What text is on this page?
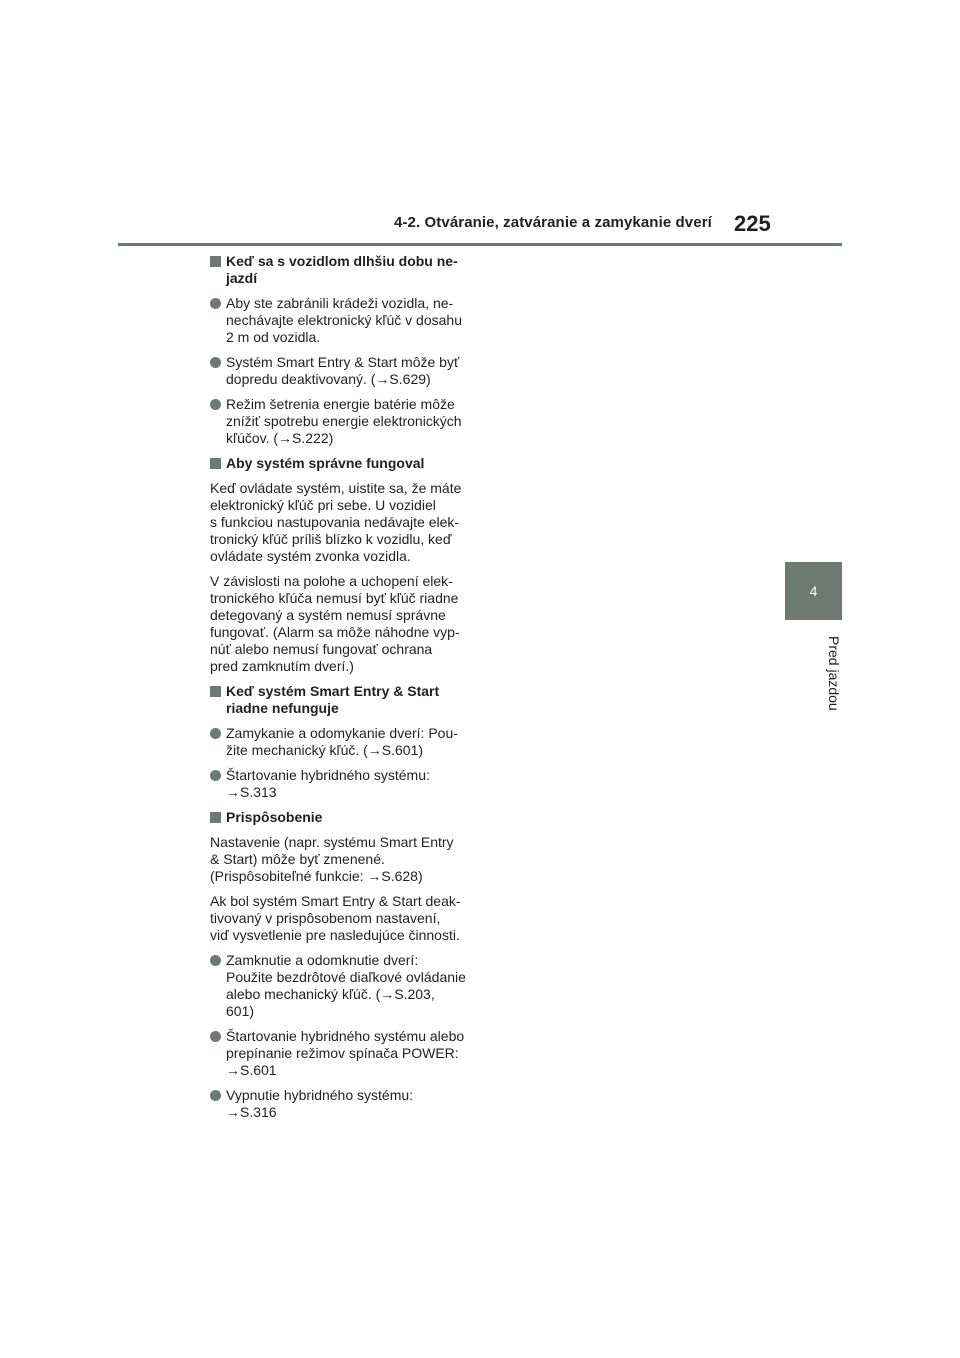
4-2. Otváranie, zatváranie a zamykanie dverí 225
4
Pred jazdou
Keď sa s vozidlom dlhšiu dobu ne-
jazdí
Aby ste zabránili krádeži vozidla, ne-
nechávajte elektronický kľúč v dosahu
2 m od vozidla.
Systém Smart Entry & Start môže byť
dopredu deaktivovaný. (→S.629)
Režim šetrenia energie batérie môže
znížiť spotrebu energie elektronických
kľúčov. (→S.222)
Aby systém správne fungoval
Keď ovládate systém, uistite sa, že máte
elektronický kľúč pri sebe. U vozidiel
s funkciou nastupovania nedávajte elek-
tronický kľúč príliš blízko k vozidlu, keď
ovládate systém zvonka vozidla.
V závislosti na polohe a uchopení elek-
tronického kľúča nemusí byť kľúč riadne
detegovaný a systém nemusí správne
fungovať. (Alarm sa môže náhodne vyp-
núť alebo nemusí fungovať ochrana
pred zamknutím dverí.)
Keď systém Smart Entry & Start
riadne nefunguje
Zamykanie a odomykanie dverí: Pou-
žite mechanický kľúč. (→S.601)
Štartovanie hybridného systému:
→S.313
Prispôsobenie
Nastavenie (napr. systému Smart Entry
& Start) môže byť zmenené.
(Prispôsobiteľné funkcie: →S.628)
Ak bol systém Smart Entry & Start deak-
tivovaný v prispôsobenom nastavení,
viď vysvetlenie pre nasledujúce činnosti.
Zamknutie a odomknutie dverí:
Použite bezdrôtové diaľkové ovládanie
alebo mechanický kľúč. (→S.203,
601)
Štartovanie hybridného systému alebo
prepínanie režimov spínača POWER:
→S.601
Vypnutie hybridného systému:
→S.316
